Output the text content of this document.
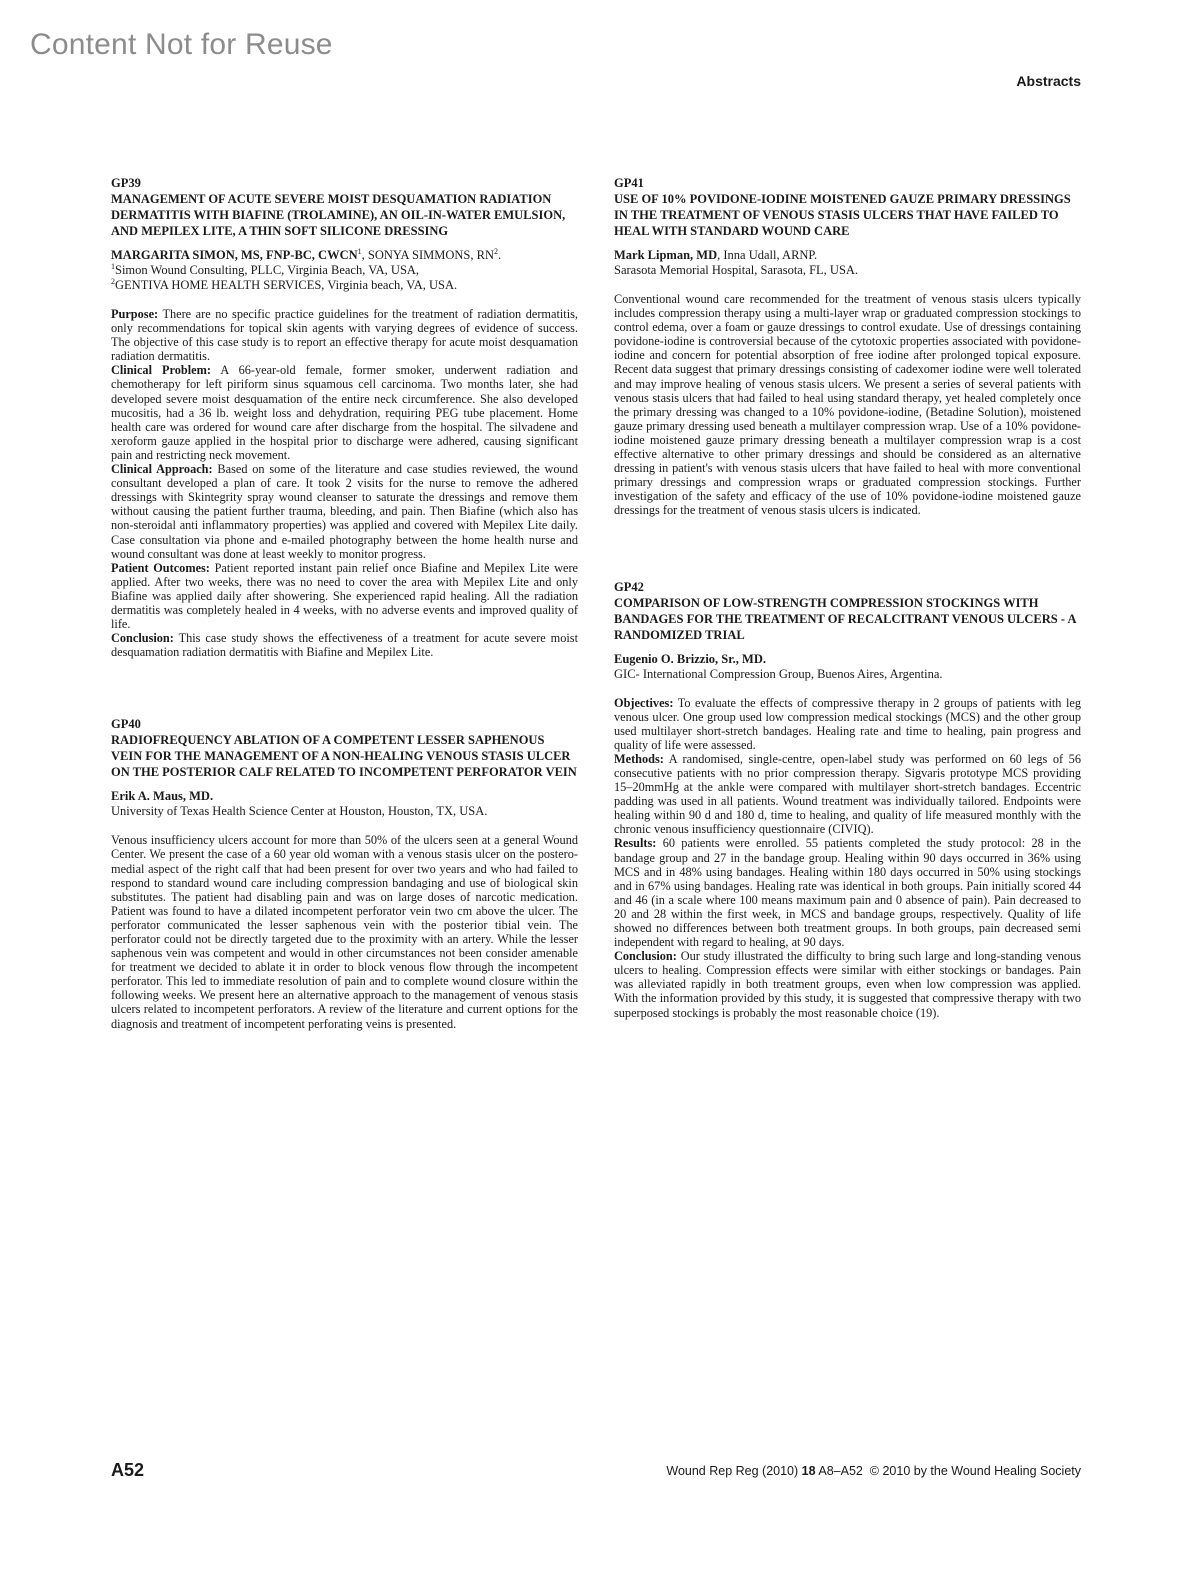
Content Not for Reuse
Abstracts
GP39
MANAGEMENT OF ACUTE SEVERE MOIST DESQUAMATION RADIATION DERMATITIS WITH BIAFINE (TROLAMINE), AN OIL-IN-WATER EMULSION, AND MEPILEX LITE, A THIN SOFT SILICONE DRESSING
MARGARITA SIMON, MS, FNP-BC, CWCN$^1$, SONYA SIMMONS, $RN^2$.
$^1$Simon Wound Consulting, PLLC, Virginia Beach, VA, USA,
$^2$GENTIVA HOME HEALTH SERVICES, Virginia beach, VA, USA.

Purpose: There are no specific practice guidelines for the treatment of radiation dermatitis, only recommendations for topical skin agents with varying degrees of evidence of success. The objective of this case study is to report an effective therapy for acute moist desquamation radiation dermatitis.

Clinical Problem: A 66-year-old female, former smoker, underwent radiation and chemotherapy for left piriform sinus squamous cell carcinoma. Two months later, she had developed severe moist desquamation of the entire neck circumference. She also developed mucositis, had a 36 lb. weight loss and dehydration, requiring PEG tube placement. Home health care was ordered for wound care after discharge from the hospital. The silvadene and xeroform gauze applied in the hospital prior to discharge were adhered, causing significant pain and restricting neck movement.

Clinical Approach: Based on some of the literature and case studies reviewed, the wound consultant developed a plan of care. It took 2 visits for the nurse to remove the adhered dressings with Skintegrity spray wound cleanser to saturate the dressings and remove them without causing the patient further trauma, bleeding, and pain. Then Biafine (which also has non-steroidal anti inflammatory properties) was applied and covered with Mepilex Lite daily. Case consultation via phone and e-mailed photography between the home health nurse and wound consultant was done at least weekly to monitor progress.

Patient Outcomes: Patient reported instant pain relief once Biafine and Mepilex Lite were applied. After two weeks, there was no need to cover the area with Mepilex Lite and only Biafine was applied daily after showering. She experienced rapid healing. All the radiation dermatitis was completely healed in 4 weeks, with no adverse events and improved quality of life.

Conclusion: This case study shows the effectiveness of a treatment for acute severe moist desquamation radiation dermatitis with Biafine and Mepilex Lite.

GP40
RADIOFREQUENCY ABLATION OF A COMPETENT LESSER SAPHENOUS VEIN FOR THE MANAGEMENT OF A NON-HEALING VENOUS STASIS ULCER ON THE POSTERIOR CALF RELATED TO INCOMPETENT PERFORATOR VEIN
Erik A. Maus, MD.
University of Texas Health Science Center at Houston, Houston, TX, USA.

Venous insufficiency ulcers account for more than 50% of the ulcers seen at a general Wound Center. We present the case of a 60 year old woman with a venous stasis ulcer on the postero-medial aspect of the right calf that had been present for over two years and who had failed to respond to standard wound care including compression bandaging and use of biological skin substitutes. The patient had disabling pain and was on large doses of narcotic medication. Patient was found to have a dilated incompetent perforator vein two cm above the ulcer. The perforator communicated the lesser saphenous vein with the posterior tibial vein. The perforator could not be directly targeted due to the proximity with an artery. While the lesser saphenous vein was competent and would in other circumstances not been consider amenable for treatment we decided to ablate it in order to block venous flow through the incompetent perforator. This led to immediate resolution of pain and to complete wound closure within the following weeks. We present here an alternative approach to the management of venous stasis ulcers related to incompetent perforators. A review of the literature and current options for the diagnosis and treatment of incompetent perforating veins is presented.

GP41
USE OF 10% POVIDONE-IODINE MOISTENED GAUZE PRIMARY DRESSINGS IN THE TREATMENT OF VENOUS STASIS ULCERS THAT HAVE FAILED TO HEAL WITH STANDARD WOUND CARE
Mark Lipman, MD, Inna Udall, ARNP.
Sarasota Memorial Hospital, Sarasota, FL, USA.

Conventional wound care recommended for the treatment of venous stasis ulcers typically includes compression therapy using a multi-layer wrap or graduated compression stockings to control edema, over a foam or gauze dressings to control exudate. Use of dressings containing povidone-iodine is controversial because of the cytotoxic properties associated with povidone-iodine and concern for potential absorption of free iodine after prolonged topical exposure. Recent data suggest that primary dressings consisting of cadexomer iodine were well tolerated and may improve healing of venous stasis ulcers. We present a series of several patients with venous stasis ulcers that had failed to heal using standard therapy, yet healed completely once the primary dressing was changed to a 10% povidone-iodine, (Betadine Solution), moistened gauze primary dressing used beneath a multilayer compression wrap. Use of a 10% povidone-iodine moistened gauze primary dressing beneath a multilayer compression wrap is a cost effective alternative to other primary dressings and should be considered as an alternative dressing in patient's with venous stasis ulcers that have failed to heal with more conventional primary dressings and compression wraps or graduated compression stockings. Further investigation of the safety and efficacy of the use of 10% povidone-iodine moistened gauze dressings for the treatment of venous stasis ulcers is indicated.

GP42
COMPARISON OF LOW-STRENGTH COMPRESSION STOCKINGS WITH BANDAGES FOR THE TREATMENT OF RECALCITRANT VENOUS ULCERS - A RANDOMIZED TRIAL
Eugenio O. Brizzio, Sr., MD.
GIC- International Compression Group, Buenos Aires, Argentina.

Objectives: To evaluate the effects of compressive therapy in 2 groups of patients with leg venous ulcer. One group used low compression medical stockings (MCS) and the other group used multilayer short-stretch bandages. Healing rate and time to healing, pain progress and quality of life were assessed.

Methods: A randomised, single-centre, open-label study was performed on 60 legs of 56 consecutive patients with no prior compression therapy. Sigvaris prototype MCS providing 15–20mmHg at the ankle were compared with multilayer short-stretch bandages. Eccentric padding was used in all patients. Wound treatment was individually tailored. Endpoints were healing within 90 d and 180 d, time to healing, and quality of life measured monthly with the chronic venous insufficiency questionnaire (CIVIQ).

Results: 60 patients were enrolled. 55 patients completed the study protocol: 28 in the bandage group and 27 in the bandage group. Healing within 90 days occurred in 36% using MCS and in 48% using bandages. Healing within 180 days occurred in 50% using stockings and in 67% using bandages. Healing rate was identical in both groups. Pain initially scored 44 and 46 (in a scale where 100 means maximum pain and 0 absence of pain). Pain decreased to 20 and 28 within the first week, in MCS and bandage groups, respectively. Quality of life showed no differences between both treatment groups. In both groups, pain decreased semi independent with regard to healing, at 90 days.

Conclusion: Our study illustrated the difficulty to bring such large and long-standing venous ulcers to healing. Compression effects were similar with either stockings or bandages. Pain was alleviated rapidly in both treatment groups, even when low compression was applied. With the information provided by this study, it is suggested that compressive therapy with two superposed stockings is probably the most reasonable choice (19).

A52	Wound Rep Reg (2010) 18 A8–A52 © 2010 by the Wound Healing Society
